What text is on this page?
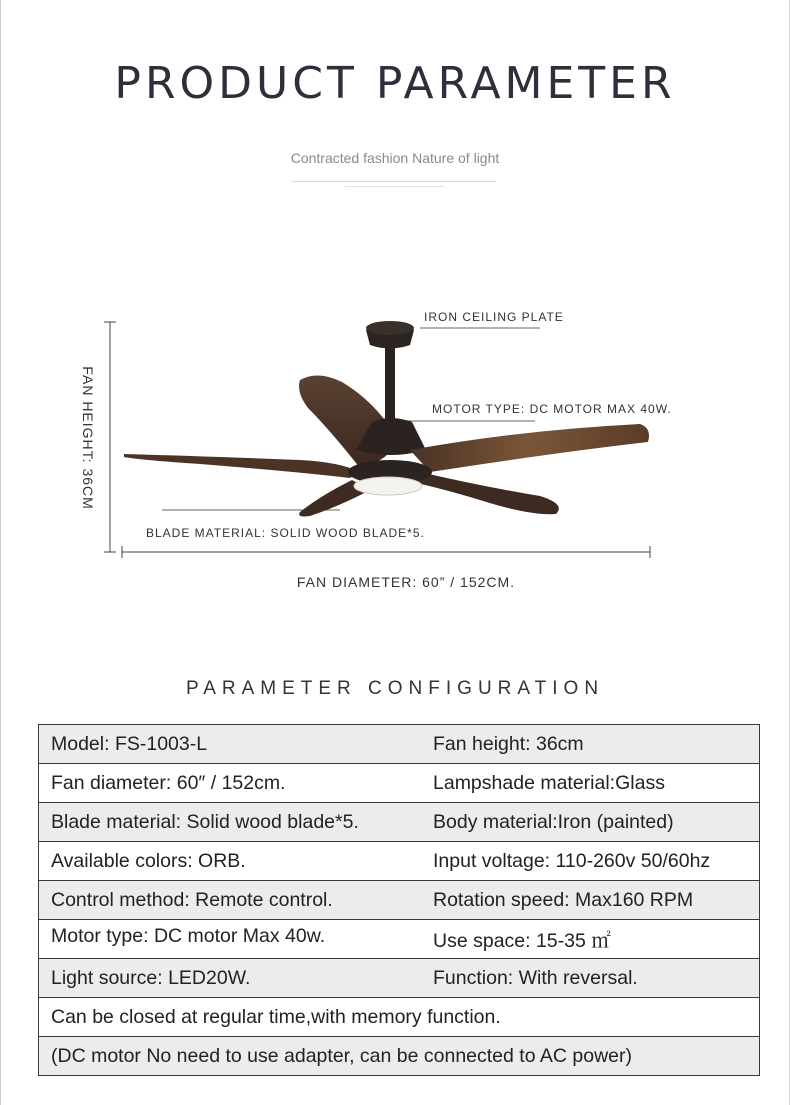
PRODUCT PARAMETER
Contracted fashion Nature of light
IRON CEILING PLATE
MOTOR TYPE: DC MOTOR MAX 40W.
BLADE MATERIAL: SOLID WOOD BLADE*5.
FAN HEIGHT: 36CM
FAN DIAMETER: 60” / 152CM.
PARAMETER CONFIGURATION
Model: FS-1003-L	Fan height: 36cm

Fan diameter: 60″ / 152cm.	Lampshade material:Glass

Blade material: Solid wood blade*5.	Body material:Iron (painted)

Available colors: ORB.	Input voltage: 110-260v 50/60hz

Control method: Remote control.	Rotation speed: Max160 RPM

Motor type: DC motor Max 40w.	Use space: 15-35 ㎡

Light source: LED20W.	Function: With reversal.

Can be closed at regular time,with memory function.
(DC motor No need to use adapter, can be connected to AC power)
